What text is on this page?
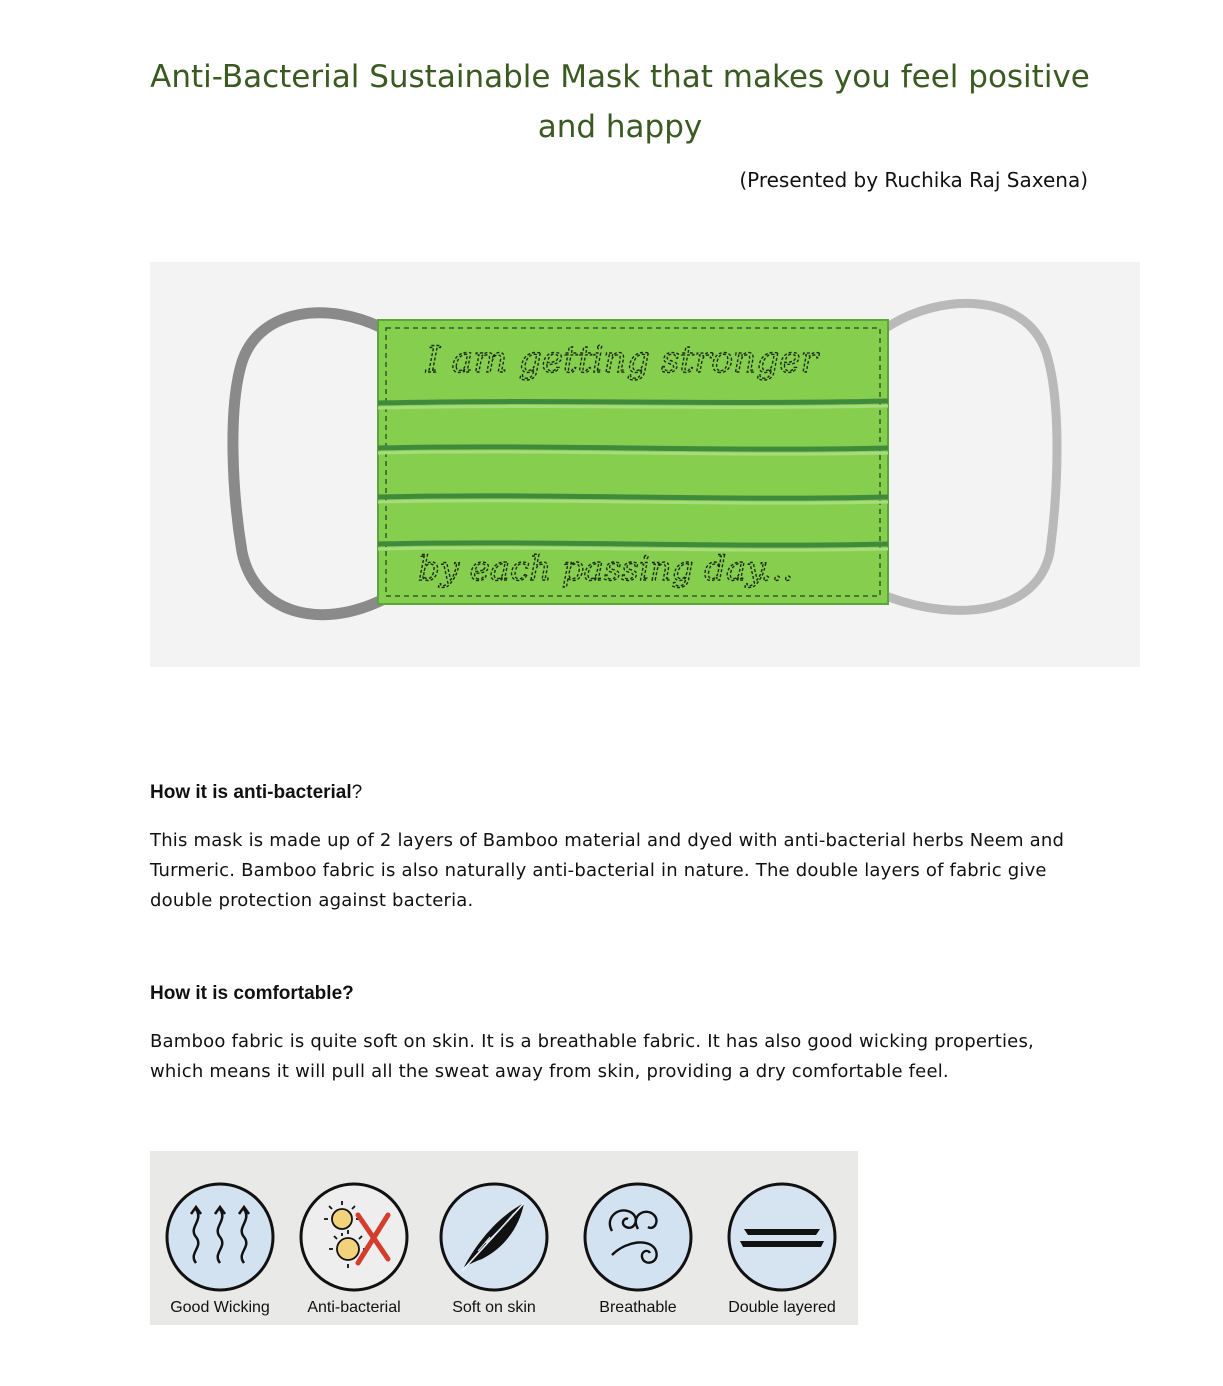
Anti-Bacterial Sustainable Mask that makes you feel positive and happy
(Presented by Ruchika Raj Saxena)
I am getting stronger
by each passing day...
How it is anti-bacterial?
This mask is made up of 2 layers of Bamboo material and dyed with anti-bacterial herbs Neem and Turmeric. Bamboo fabric is also naturally anti-bacterial in nature. The double layers of fabric give double protection against bacteria.
How it is comfortable?
Bamboo fabric is quite soft on skin. It is a breathable fabric. It has also good wicking properties, which means it will pull all the sweat away from skin, providing a dry comfortable feel.
Good Wicking	Anti-bacterial	Soft on skin	Breathable	Double layered
